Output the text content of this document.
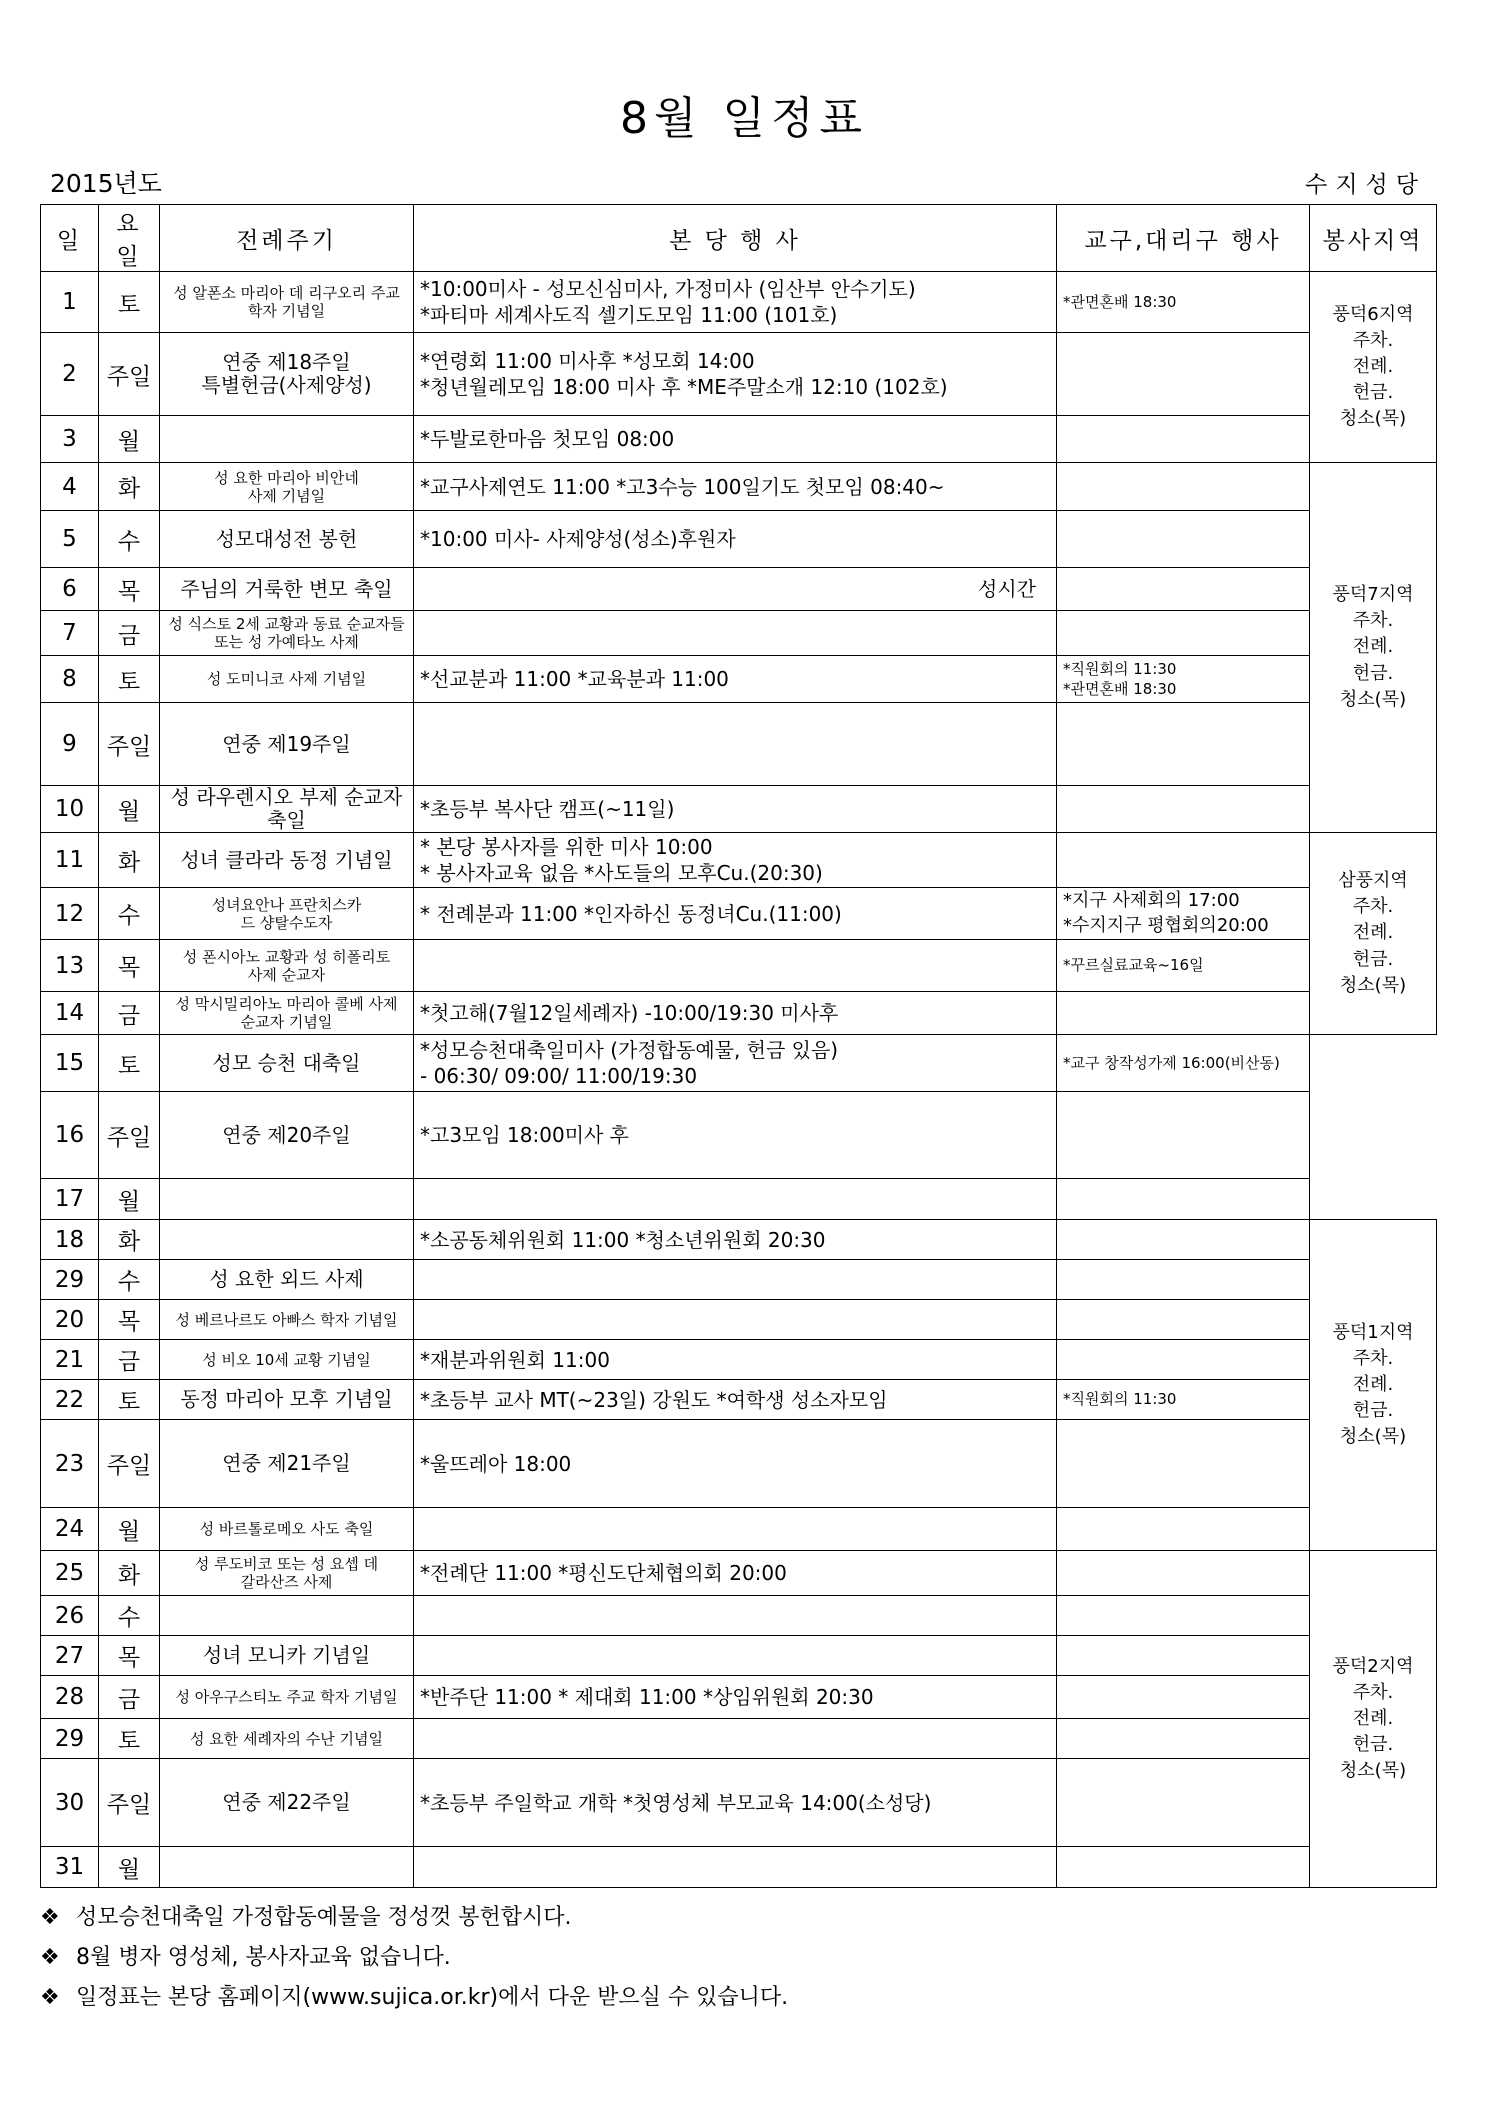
8월 일정표
2015년도	수지성당
일	요일	전례주기	본 당 행 사	교구,대리구 행사	봉사지역
1	토	성 알폰소 마리아 데 리구오리 주교
학자 기념일	*10:00미사 - 성모신심미사, 가정미사 (임산부 안수기도)
*파티마 세계사도직 셀기도모임 11:00 (101호)	*관면혼배 18:30	풍덕6지역
주차.
전례.
헌금.
청소(목)
2	주일	연중 제18주일
특별헌금(사제양성)	*연령회 11:00 미사후 *성모회 14:00
*청년월레모임 18:00 미사 후 *ME주말소개 12:10 (102호)		
3	월		*두발로한마음 첫모임 08:00		
4	화	성 요한 마리아 비안네
사제 기념일	*교구사제연도 11:00 *고3수능 100일기도 첫모임 08:40~		풍덕7지역
주차.
전례.
헌금.
청소(목)
5	수	성모대성전 봉헌	*10:00 미사- 사제양성(성소)후원자		
6	목	주님의 거룩한 변모 축일	성시간		
7	금	성 식스토 2세 교황과 동료 순교자들
또는 성 가예타노 사제			
8	토	성 도미니코 사제 기념일	*선교분과 11:00 *교육분과 11:00	*직원회의 11:30
*관면혼배 18:30	
9	주일	연중 제19주일			
10	월	성 라우렌시오 부제 순교자 축일	*초등부 복사단 캠프(~11일)		
11	화	성녀 클라라 동정 기념일	* 본당 봉사자를 위한 미사 10:00
* 봉사자교육 없음 *사도들의 모후Cu.(20:30)		삼풍지역
주차.
전례.
헌금.
청소(목)
12	수	성녀요안나 프란치스카
드 샹탈수도자	* 전례분과 11:00 *인자하신 동정녀Cu.(11:00)	*지구 사제회의 17:00
*수지지구 평협회의20:00	
13	목	성 폰시아노 교황과 성 히폴리토
사제 순교자		*꾸르실료교육~16일	
14	금	성 막시밀리아노 마리아 콜베 사제
순교자 기념일	*첫고해(7월12일세례자) -10:00/19:30 미사후		
15	토	성모 승천 대축일	*성모승천대축일미사 (가정합동예물, 헌금 있음)
- 06:30/ 09:00/ 11:00/19:30	*교구 창작성가제 16:00(비산동)	
16	주일	연중 제20주일	*고3모임 18:00미사 후		
17	월				
18	화		*소공동체위원회 11:00 *청소년위원회 20:30		풍덕1지역
주차.
전례.
헌금.
청소(목)
29	수	성 요한 외드 사제			
20	목	성 베르나르도 아빠스 학자 기념일			
21	금	성 비오 10세 교황 기념일	*재분과위원회 11:00		
22	토	동정 마리아 모후 기념일	*초등부 교사 MT(~23일) 강원도 *여학생 성소자모임	*직원회의 11:30	
23	주일	연중 제21주일	*울뜨레아 18:00		
24	월	성 바르톨로메오 사도 축일			
25	화	성 루도비코 또는 성 요셉 데
갈라산즈 사제	*전례단 11:00 *평신도단체협의회 20:00		풍덕2지역
주차.
전례.
헌금.
청소(목)
26	수				
27	목	성녀 모니카 기념일			
28	금	성 아우구스티노 주교 학자 기념일	*반주단 11:00 * 제대회 11:00 *상임위원회 20:30		
29	토	성 요한 세례자의 수난 기념일			
30	주일	연중 제22주일	*초등부 주일학교 개학 *첫영성체 부모교육 14:00(소성당)		
31	월				
❖ 성모승천대축일 가정합동예물을 정성껏 봉헌합시다.
❖ 8월 병자 영성체, 봉사자교육 없습니다.
❖ 일정표는 본당 홈페이지(www.sujica.or.kr)에서 다운 받으실 수 있습니다.
